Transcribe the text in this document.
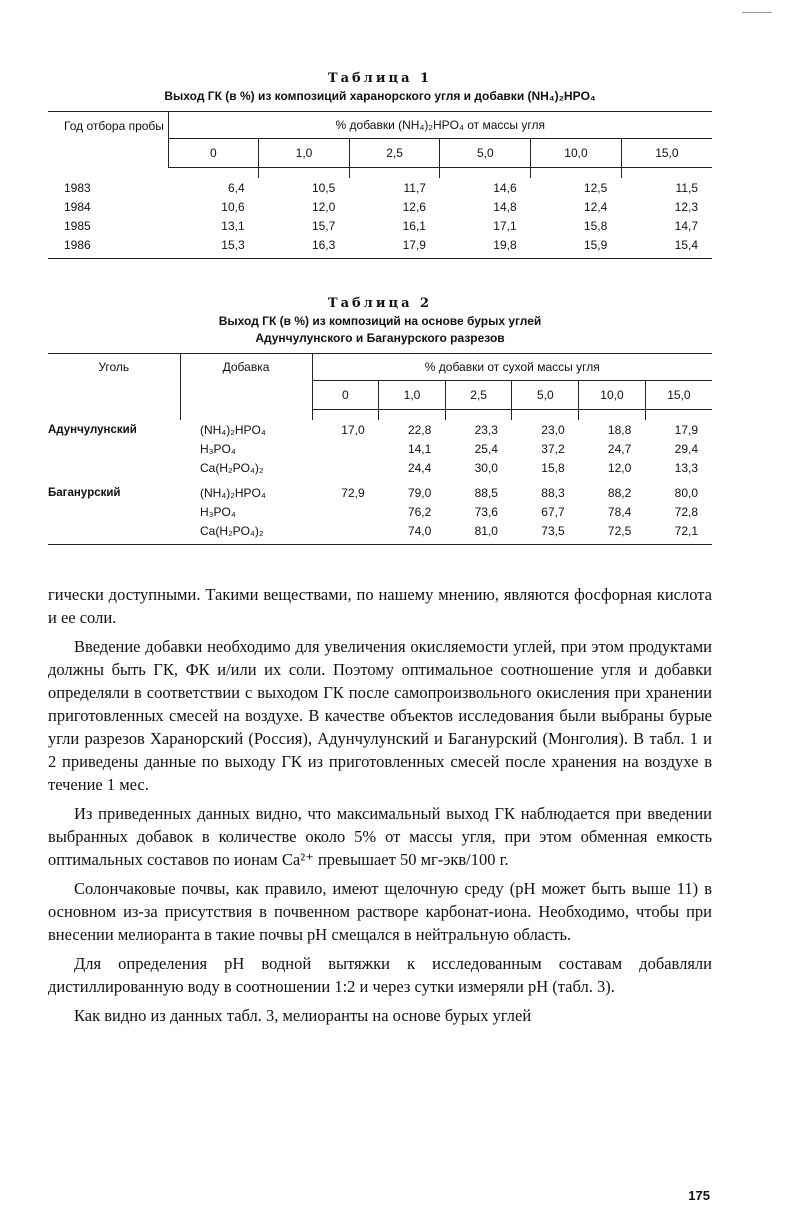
Таблица 1
Выход ГК (в %) из композиций харанорского угля и добавки (NH₄)₂HPO₄
Год отбора пробы	% добавки (NH₄)₂HPO₄ от массы угля					
	0	1,0	2,5	5,0	10,0	15,0

1983	6,4	10,5	11,7	14,6	12,5	11,5
1984	10,6	12,0	12,6	14,8	12,4	12,3
1985	13,1	15,7	16,1	17,1	15,8	14,7
1986	15,3	16,3	17,9	19,8	15,9	15,4
Таблица 2
Выход ГК (в %) из композиций на основе бурых углей
Адунчулунского и Багануpского разрезов
Уголь	Добавка	% добавки от сухой массы угля					
		0	1,0	2,5	5,0	10,0	15,0

Адунчулунский	(NH₄)₂HPO₄	17,0	22,8	23,3	23,0	18,8	17,9
	H₃PO₄		14,1	25,4	37,2	24,7	29,4
	Ca(H₂PO₄)₂		24,4	30,0	15,8	12,0	13,3
Багануpский	(NH₄)₂HPO₄	72,9	79,0	88,5	88,3	88,2	80,0
	H₃PO₄		76,2	73,6	67,7	78,4	72,8
	Ca(H₂PO₄)₂		74,0	81,0	73,5	72,5	72,1

гически доступными. Такими веществами, по нашему мнению, являются фосфорная кислота и ее соли.

Введение добавки необходимо для увеличения окисляемости углей, при этом продуктами должны быть ГК, ФК и/или их соли. Поэтому оптимальное соотношение угля и добавки определяли в соответствии с выходом ГК после самопроизвольного окисления при хранении приготовленных смесей на воздухе. В качестве объектов исследования были выбраны бурые угли разрезов Харанорский (Россия), Адунчулунский и Багануpский (Монголия). В табл. 1 и 2 приведены данные по выходу ГК из приготовленных смесей после хранения на воздухе в течение 1 мес.

Из приведенных данных видно, что максимальный выход ГК наблюдается при введении выбранных добавок в количестве около 5% от массы угля, при этом обменная емкость оптимальных составов по ионам Ca²⁺ превышает 50 мг-экв/100 г.

Солончаковые почвы, как правило, имеют щелочную среду (pH может быть выше 11) в основном из-за присутствия в почвенном растворе карбонат-иона. Необходимо, чтобы при внесении мелиоранта в такие почвы pH смещался в нейтральную область.

Для определения pH водной вытяжки к исследованным составам добавляли дистиллированную воду в соотношении 1:2 и через сутки измеряли pH (табл. 3).

Как видно из данных табл. 3, мелиоранты на основе бурых углей

175
